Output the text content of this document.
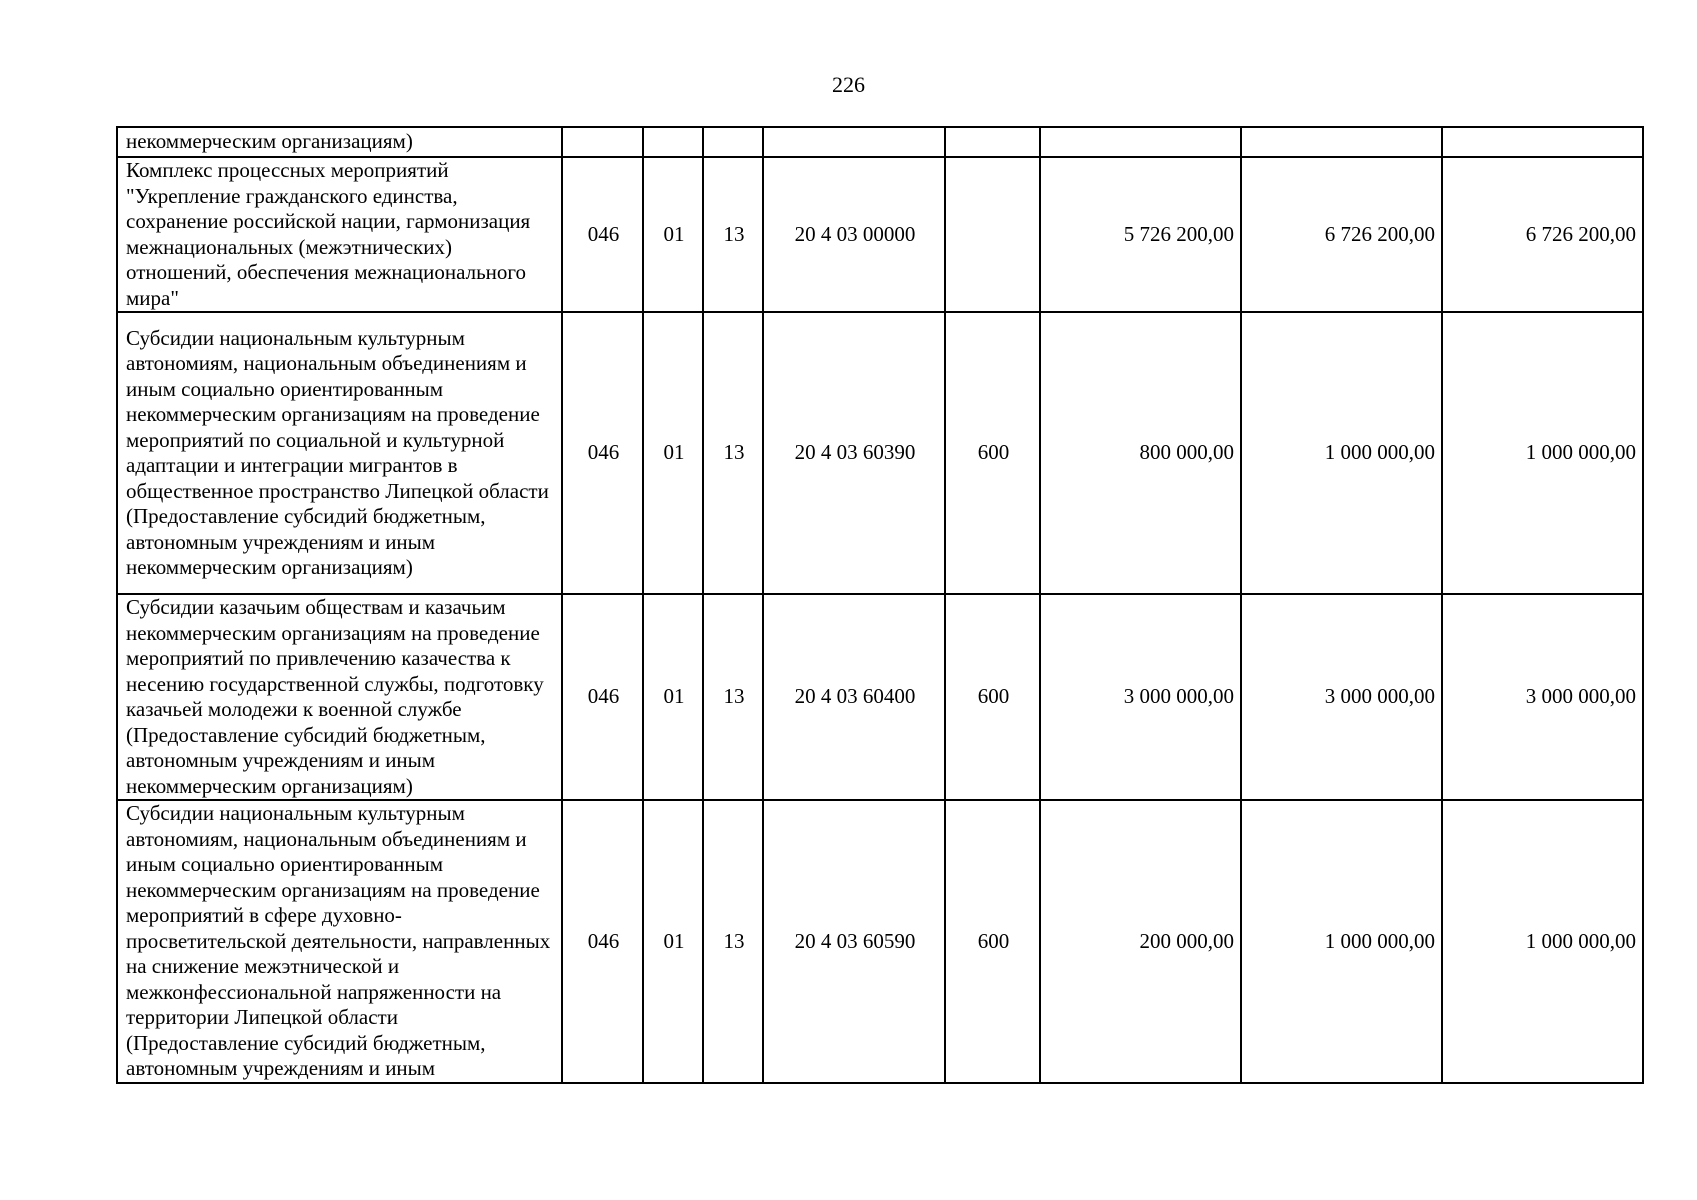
226
некоммерческим организациям)								
Комплекс процессных мероприятий "Укрепление гражданского единства, сохранение российской нации, гармонизация межнациональных (межэтнических) отношений, обеспечения межнационального мира"	046	01	13	20 4 03 00000		5 726 200,00	6 726 200,00	6 726 200,00
Субсидии национальным культурным автономиям, национальным объединениям и иным социально ориентированным некоммерческим организациям на проведение мероприятий по социальной и культурной адаптации и интеграции мигрантов в общественное пространство Липецкой области (Предоставление субсидий бюджетным, автономным учреждениям и иным некоммерческим организациям)	046	01	13	20 4 03 60390	600	800 000,00	1 000 000,00	1 000 000,00
Субсидии казачьим обществам и казачьим некоммерческим организациям на проведение мероприятий по привлечению казачества к несению государственной службы, подготовку казачьей молодежи к военной службе (Предоставление субсидий бюджетным, автономным учреждениям и иным некоммерческим организациям)	046	01	13	20 4 03 60400	600	3 000 000,00	3 000 000,00	3 000 000,00
Субсидии национальным культурным автономиям, национальным объединениям и иным социально ориентированным некоммерческим организациям на проведение мероприятий в сфере духовно-просветительской деятельности, направленных на снижение межэтнической и межконфессиональной напряженности на территории Липецкой области (Предоставление субсидий бюджетным, автономным учреждениям и иным	046	01	13	20 4 03 60590	600	200 000,00	1 000 000,00	1 000 000,00
